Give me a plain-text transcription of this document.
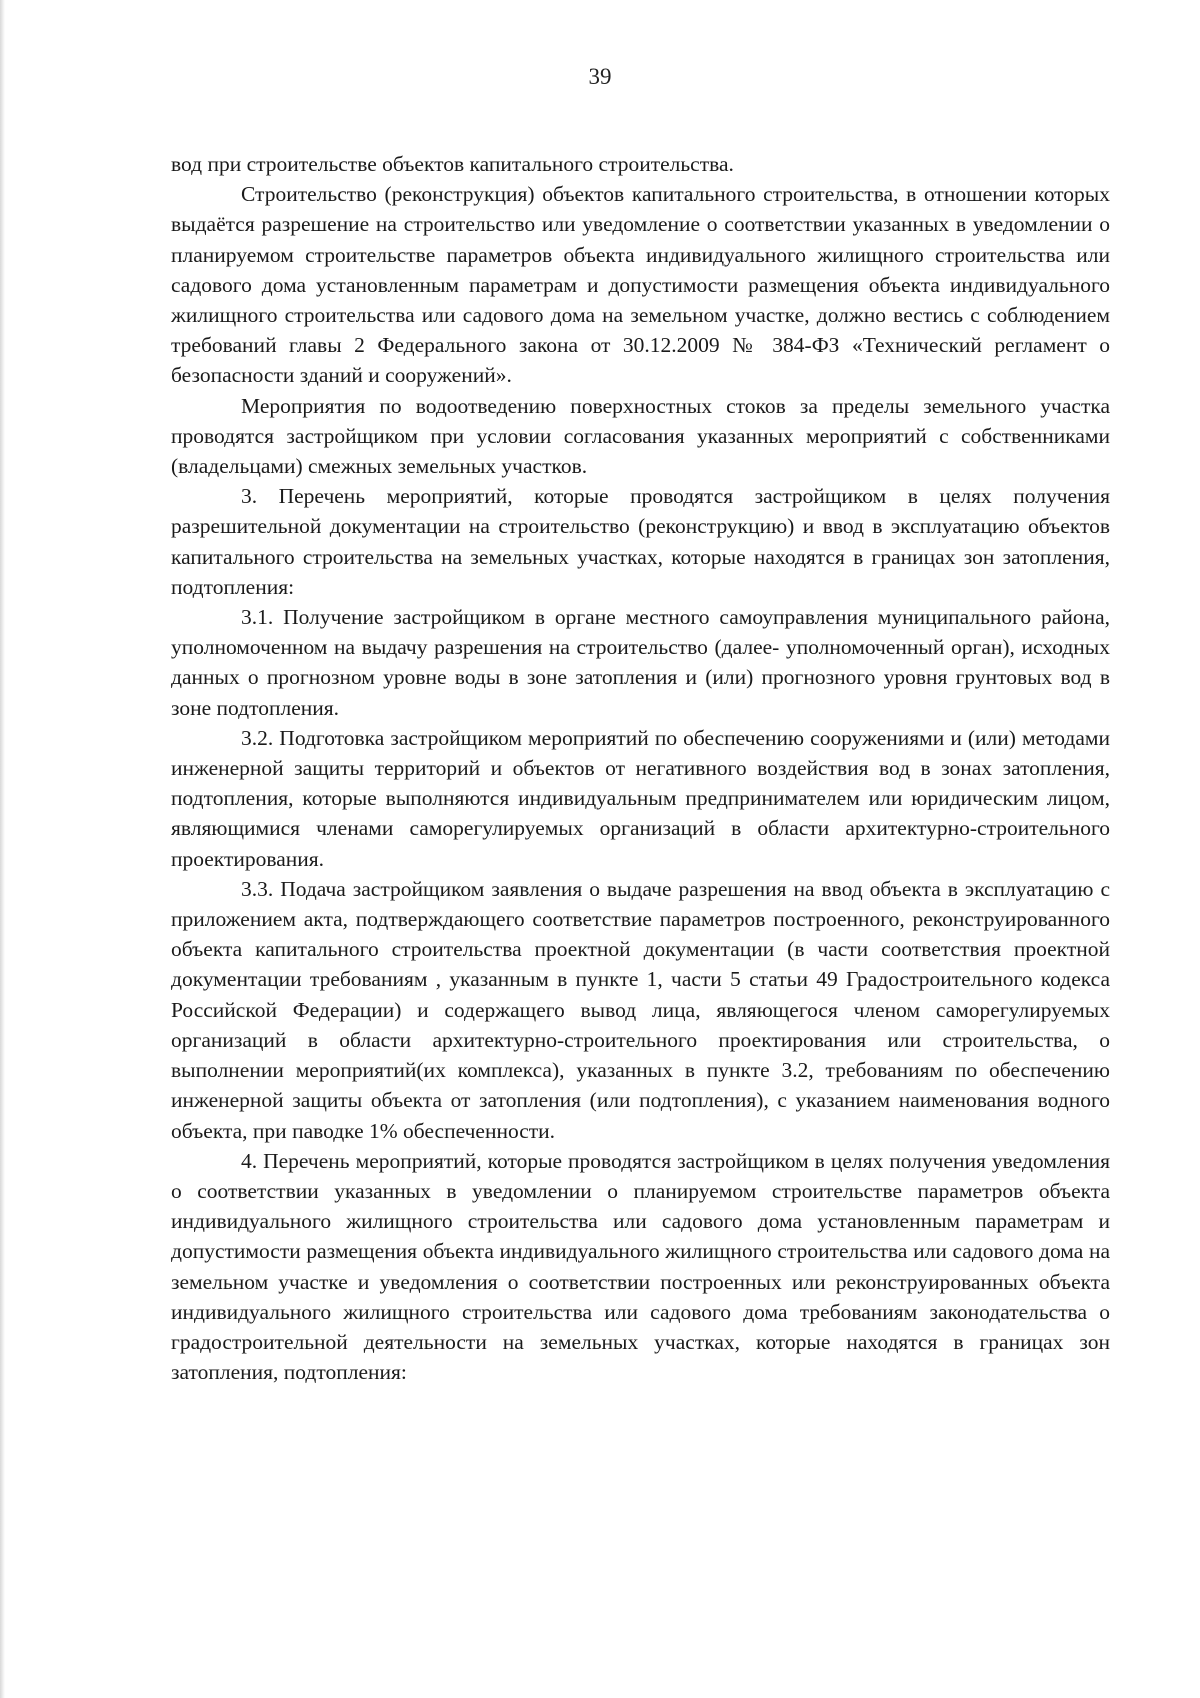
39

вод при строительстве объектов капитального строительства.

Строительство (реконструкция) объектов капитального строительства, в отношении которых выдаётся разрешение на строительство или уведомление о соответствии указанных в уведомлении о планируемом строительстве параметров объекта индивидуального жилищного строительства или садового дома установленным параметрам и допустимости размещения объекта индивидуального жилищного строительства или садового дома на земельном участке, должно вестись с соблюдением требований главы 2 Федерального закона от 30.12.2009 № 384-ФЗ «Технический регламент о безопасности зданий и сооружений».

Мероприятия по водоотведению поверхностных стоков за пределы земельного участка проводятся застройщиком при условии согласования указанных мероприятий с собственниками (владельцами) смежных земельных участков.

3. Перечень мероприятий, которые проводятся застройщиком в целях получения разрешительной документации на строительство (реконструкцию) и ввод в эксплуатацию объектов капитального строительства на земельных участках, которые находятся в границах зон затопления, подтопления:

3.1. Получение застройщиком в органе местного самоуправления муниципального района, уполномоченном на выдачу разрешения на строительство (далее- уполномоченный орган), исходных данных о прогнозном уровне воды в зоне затопления и (или) прогнозного уровня грунтовых вод в зоне подтопления.

3.2. Подготовка застройщиком мероприятий по обеспечению сооружениями и (или) методами инженерной защиты территорий и объектов от негативного воздействия вод в зонах затопления, подтопления, которые выполняются индивидуальным предпринимателем или юридическим лицом, являющимися членами саморегулируемых организаций в области архитектурно-строительного проектирования.

3.3. Подача застройщиком заявления о выдаче разрешения на ввод объекта в эксплуатацию с приложением акта, подтверждающего соответствие параметров построенного, реконструированного объекта капитального строительства проектной документации (в части соответствия проектной документации требованиям , указанным в пункте 1, части 5 статьи 49 Градостроительного кодекса Российской Федерации) и содержащего вывод лица, являющегося членом саморегулируемых организаций в области архитектурно-строительного проектирования или строительства, о выполнении мероприятий(их комплекса), указанных в пункте 3.2, требованиям по обеспечению инженерной защиты объекта от затопления (или подтопления), с указанием наименования водного объекта, при паводке 1% обеспеченности.

4. Перечень мероприятий, которые проводятся застройщиком в целях получения уведомления о соответствии указанных в уведомлении о планируемом строительстве параметров объекта индивидуального жилищного строительства или садового дома установленным параметрам и допустимости размещения объекта индивидуального жилищного строительства или садового дома на земельном участке и уведомления о соответствии построенных или реконструированных объекта индивидуального жилищного строительства или садового дома требованиям законодательства о градостроительной деятельности на земельных участках, которые находятся в границах зон затопления, подтопления:
